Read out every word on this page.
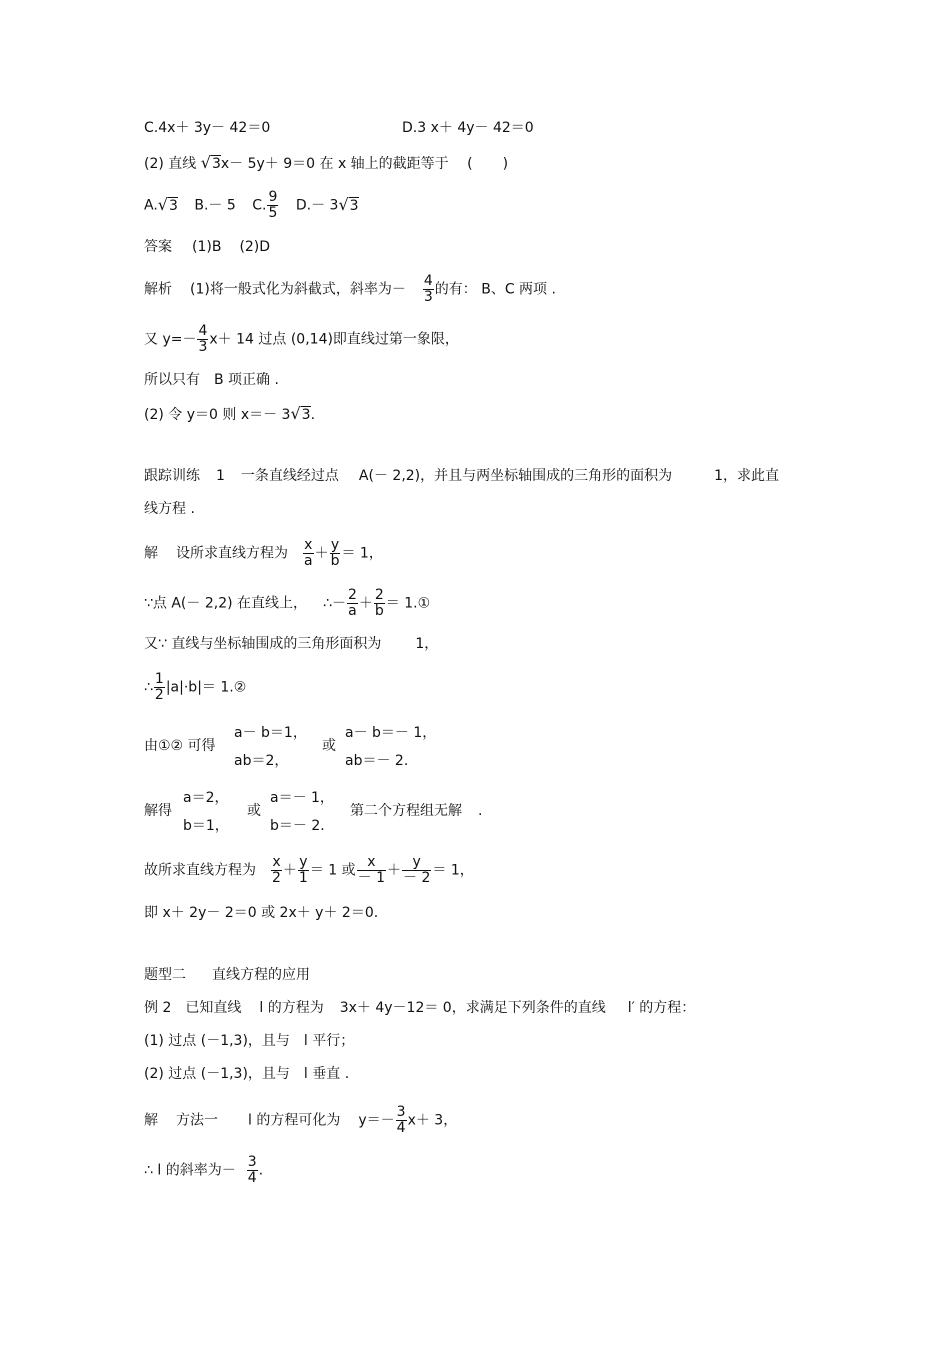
C.4x＋ 3y－ 42＝0	D.3 x＋ 4y－ 42＝0
(2) 直线 √3x－ 5y＋ 9＝0 在 x 轴上的截距等于 ( )
A.√3 B.－ 5 C. $\frac{9}{5} D.- 3√3$
答案 (1)B (2)D
解析 (1)将一般式化为斜截式，斜率为－ $\frac{4}{3}$ 的有： B、C 两项 .
又 $y=- \frac{4}{3} x+ 14$ 过点 (0,14)即直线过第一象限，
所以只有 B 项正确 .
(2) 令 y＝0 则 x＝－ 3√3.
跟踪训练 1 一条直线经过点 A(－ 2,2)，并且与两坐标轴围成的三角形的面积为	1，求此直
线方程 .
解 设所求直线方程为 $\frac{x}{a} + \frac{y}{b} = 1$，
∵点 A(－ 2,2) 在直线上， ∴－ $\frac{2}{a} + \frac{2}{b}$ ＝ 1.①
又∵ 直线与坐标轴围成的三角形面积为 1，
∴ $\frac{1}{2} |a|\cdot b|=$ 1.②
由①② 可得
a－ b＝1，
ab＝2，
或
a－ b＝－ 1，
ab＝－ 2.
解得
a＝2，
b＝1，
或
a＝－ 1，
b＝－ 2.
第二个方程组无解 .
故所求直线方程为 $\frac{x}{2} + \frac{y}{1} = 1$ 或 $\frac{x}{- 1} + \frac{y}{- 2} = 1$，
即 x＋ 2y－ 2＝0 或 2x＋ y＋ 2＝0.
题型二 直线方程的应用
例 2 已知直线 l 的方程为 3x＋ 4y－12＝ 0，求满足下列条件的直线 l′ 的方程：
(1) 过点 (－1,3)，且与 l 平行；
(2) 过点 (－1,3)，且与 l 垂直 .
解 方法一 l 的方程可化为 $y=- \frac{3}{4} x+ 3$，
∴ l 的斜率为－ $\frac{3}{4}$ .
